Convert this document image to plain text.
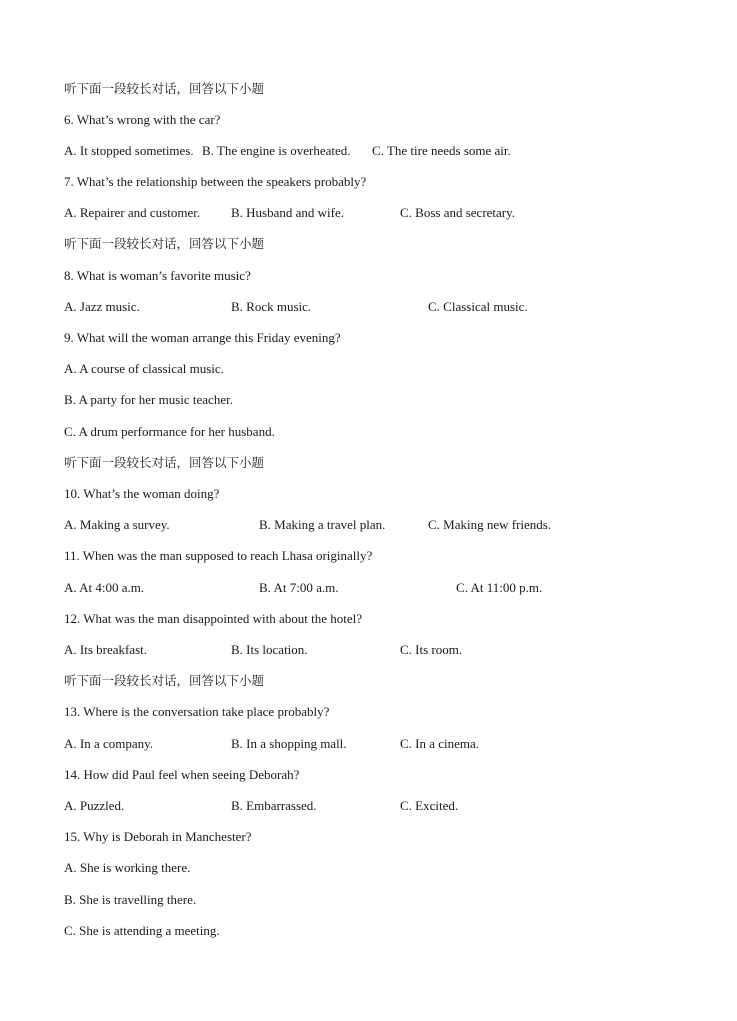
听下面一段较长对话，回答以下小题
6. What’s wrong with the car?
A. It stopped sometimes. B. The engine is overheated. C. The tire needs some air.
7. What’s the relationship between the speakers probably?
A. Repairer and customer. B. Husband and wife.	C. Boss and secretary.
听下面一段较长对话，回答以下小题
8. What is woman’s favorite music?
A. Jazz music.	B. Rock music.	C. Classical music.
9. What will the woman arrange this Friday evening?
A. A course of classical music.
B. A party for her music teacher.
C. A drum performance for her husband.
听下面一段较长对话，回答以下小题
10. What’s the woman doing?
A. Making a survey.	B. Making a travel plan.	C. Making new friends.
11. When was the man supposed to reach Lhasa originally?
A. At 4:00 a.m.	B. At 7:00 a.m.	C. At 11:00 p.m.
12. What was the man disappointed with about the hotel?
A. Its breakfast.	B. Its location.	C. Its room.
听下面一段较长对话，回答以下小题
13. Where is the conversation take place probably?
A. In a company.	B. In a shopping mall.	C. In a cinema.
14. How did Paul feel when seeing Deborah?
A. Puzzled.	B. Embarrassed.	C. Excited.
15. Why is Deborah in Manchester?
A. She is working there.
B. She is travelling there.
C. She is attending a meeting.
